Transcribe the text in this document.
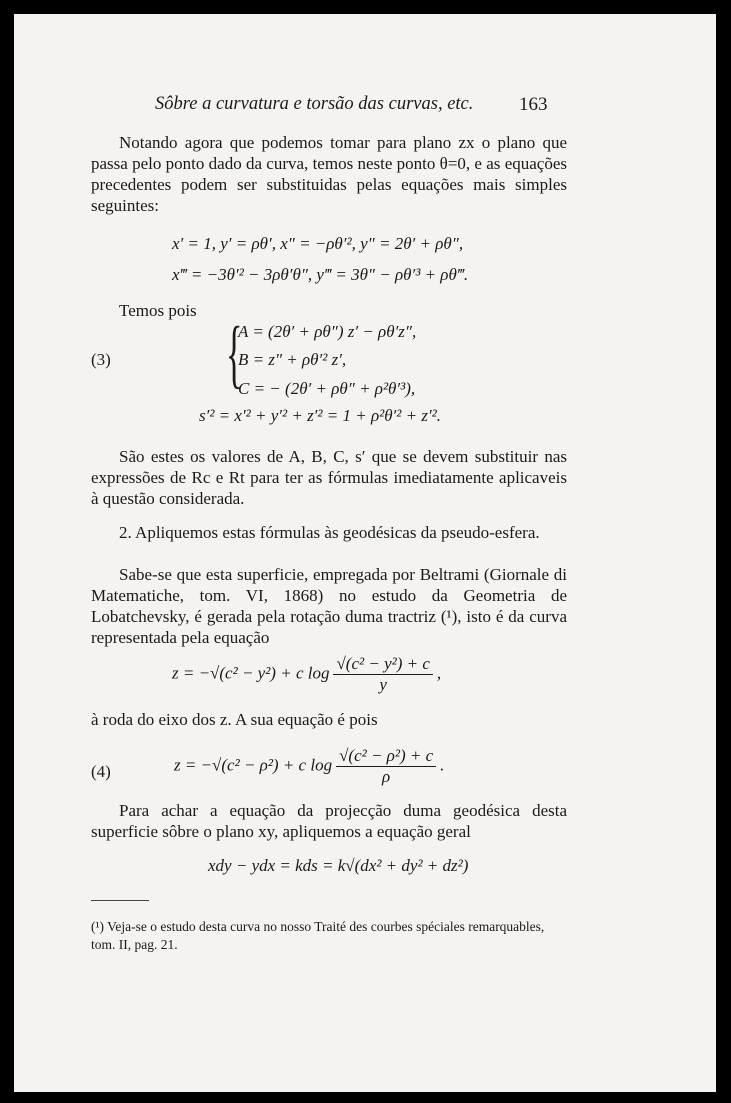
Sôbre a curvatura e torsão das curvas, etc. 163

Notando agora que podemos tomar para plano zx o plano que passa pelo ponto dado da curva, temos neste ponto θ=0, e as equações precedentes podem ser substituidas pelas equações mais simples seguintes:

x′ = 1, y′ = ρθ′, x″ = −ρθ′², y″ = 2θ′ + ρθ″,
x‴ = −3θ′² − 3ρθ′θ″, y‴ = 3θ″ − ρθ′³ + ρθ‴.
Temos pois
(3) {
A = (2θ′ + ρθ″) z′ − ρθ′z″,
B = z″ + ρθ′² z′,
C = − (2θ′ + ρθ″ + ρ²θ′³),
s′² = x′² + y′² + z′² = 1 + ρ²θ′² + z′².

São estes os valores de A, B, C, s′ que se devem substituir nas expressões de Rc e Rt para ter as fórmulas imediatamente aplicaveis à questão considerada.

2. Apliquemos estas fórmulas às geodésicas da pseudo-esfera.

Sabe-se que esta superficie, empregada por Beltrami (Giornale di Matematiche, tom. VI, 1868) no estudo da Geometria de Lobatchevsky, é gerada pela rotação duma tractriz (¹), isto é da curva representada pela equação

z = −√(c² − y²) + c $\log \frac{\text{√(c² − y²) + c}}{y}$ ,
à roda do eixo dos z. A sua equação é pois
(4)	z = −√(c² − ρ²) + c $\log \frac{\text{√(c² − ρ²) + c}}{\rho}$ .

Para achar a equação da projecção duma geodésica desta superficie sôbre o plano xy, apliquemos a equação geral

xdy − ydx = kds = k√(dx² + dy² + dz²)

(¹) Veja-se o estudo desta curva no nosso Traité des courbes spéciales remarquables, tom. II, pag. 21.
